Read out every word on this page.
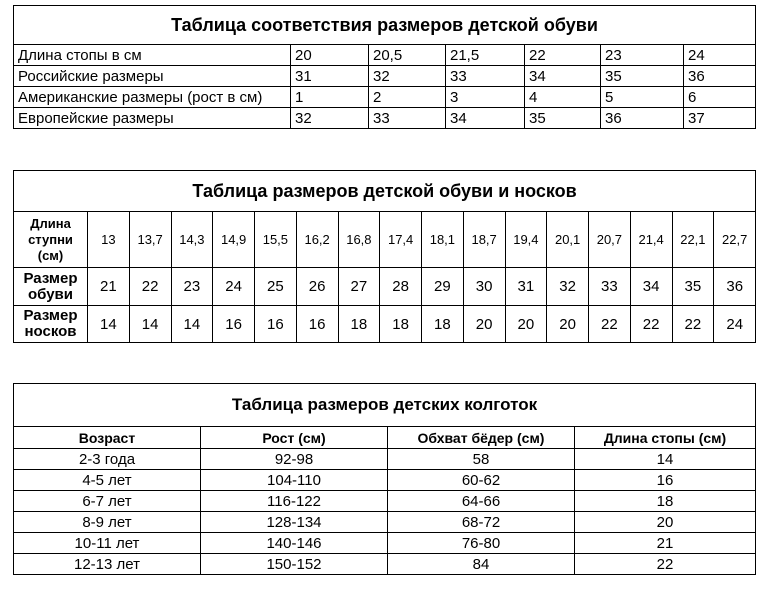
Таблица соответствия размеров детской обуви						
Длина стопы в см	20	20,5	21,5	22	23	24
Российские размеры	31	32	33	34	35	36
Американские размеры (рост в см)	1	2	3	4	5	6
Европейские размеры	32	33	34	35	36	37
Таблица размеров детской обуви и носков																
Длина ступни (см)	13	13,7	14,3	14,9	15,5	16,2	16,8	17,4	18,1	18,7	19,4	20,1	20,7	21,4	22,1	22,7
Размер обуви	21	22	23	24	25	26	27	28	29	30	31	32	33	34	35	36
Размер носков	14	14	14	16	16	16	18	18	18	20	20	20	22	22	22	24
Таблица размеров детских колготок			
Возраст	Рост (см)	Обхват бёдер (см)	Длина стопы (см)
2-3 года	92-98	58	14
4-5 лет	104-110	60-62	16
6-7 лет	116-122	64-66	18
8-9 лет	128-134	68-72	20
10-11 лет	140-146	76-80	21
12-13 лет	150-152	84	22
